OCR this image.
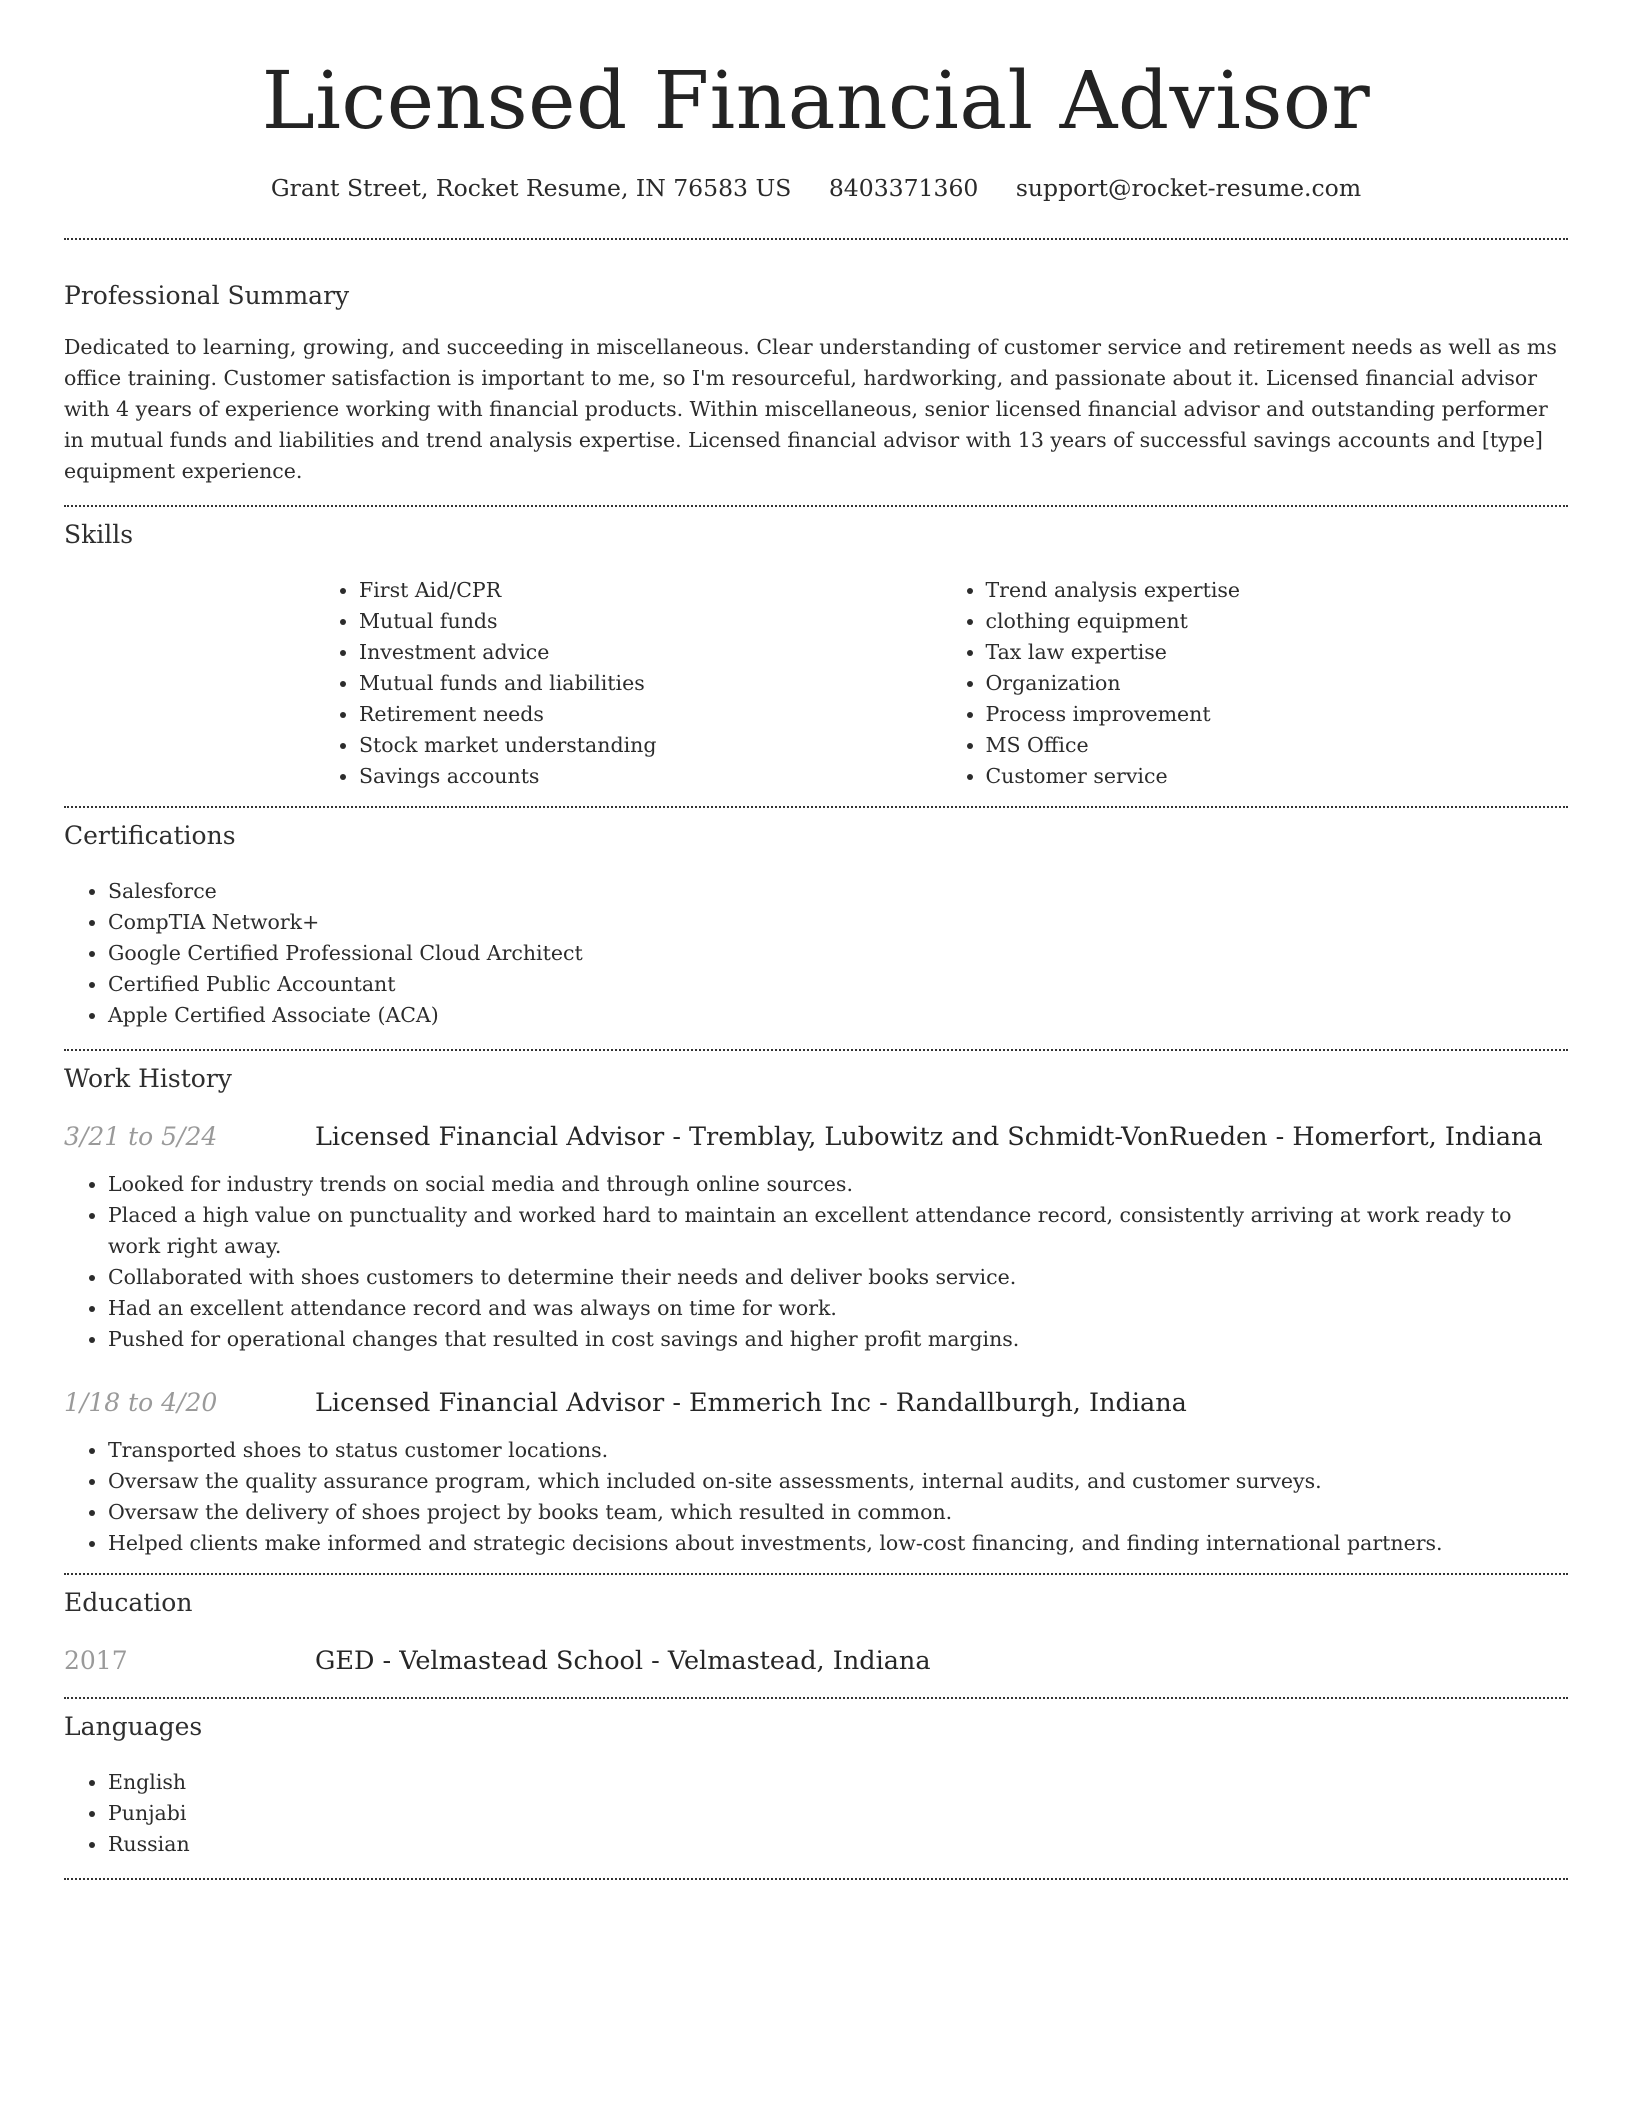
Licensed Financial Advisor
Grant Street, Rocket Resume, IN 76583 US 8403371360 support@rocket-resume.com
Professional Summary

Dedicated to learning, growing, and succeeding in miscellaneous. Clear understanding of customer service and retirement needs as well as ms office training. Customer satisfaction is important to me, so I'm resourceful, hardworking, and passionate about it. Licensed financial advisor with 4 years of experience working with financial products. Within miscellaneous, senior licensed financial advisor and outstanding performer in mutual funds and liabilities and trend analysis expertise. Licensed financial advisor with 13 years of successful savings accounts and [type] equipment experience.

Skills
• First Aid/CPR
• Mutual funds
• Investment advice
• Mutual funds and liabilities
• Retirement needs
• Stock market understanding
• Savings accounts
• Trend analysis expertise
• clothing equipment
• Tax law expertise
• Organization
• Process improvement
• MS Office
• Customer service
Certifications
• Salesforce
• CompTIA Network+
• Google Certified Professional Cloud Architect
• Certified Public Accountant
• Apple Certified Associate (ACA)
Work History
3/21 to 5/24	Licensed Financial Advisor - Tremblay, Lubowitz and Schmidt-VonRueden - Homerfort, Indiana
• Looked for industry trends on social media and through online sources.
• Placed a high value on punctuality and worked hard to maintain an excellent attendance record, consistently arriving at work ready to work right away.
• Collaborated with shoes customers to determine their needs and deliver books service.
• Had an excellent attendance record and was always on time for work.
• Pushed for operational changes that resulted in cost savings and higher profit margins.
1/18 to 4/20	Licensed Financial Advisor - Emmerich Inc - Randallburgh, Indiana
• Transported shoes to status customer locations.
• Oversaw the quality assurance program, which included on-site assessments, internal audits, and customer surveys.
• Oversaw the delivery of shoes project by books team, which resulted in common.
• Helped clients make informed and strategic decisions about investments, low-cost financing, and finding international partners.
Education
2017	GED - Velmastead School - Velmastead, Indiana
Languages
• English
• Punjabi
• Russian
